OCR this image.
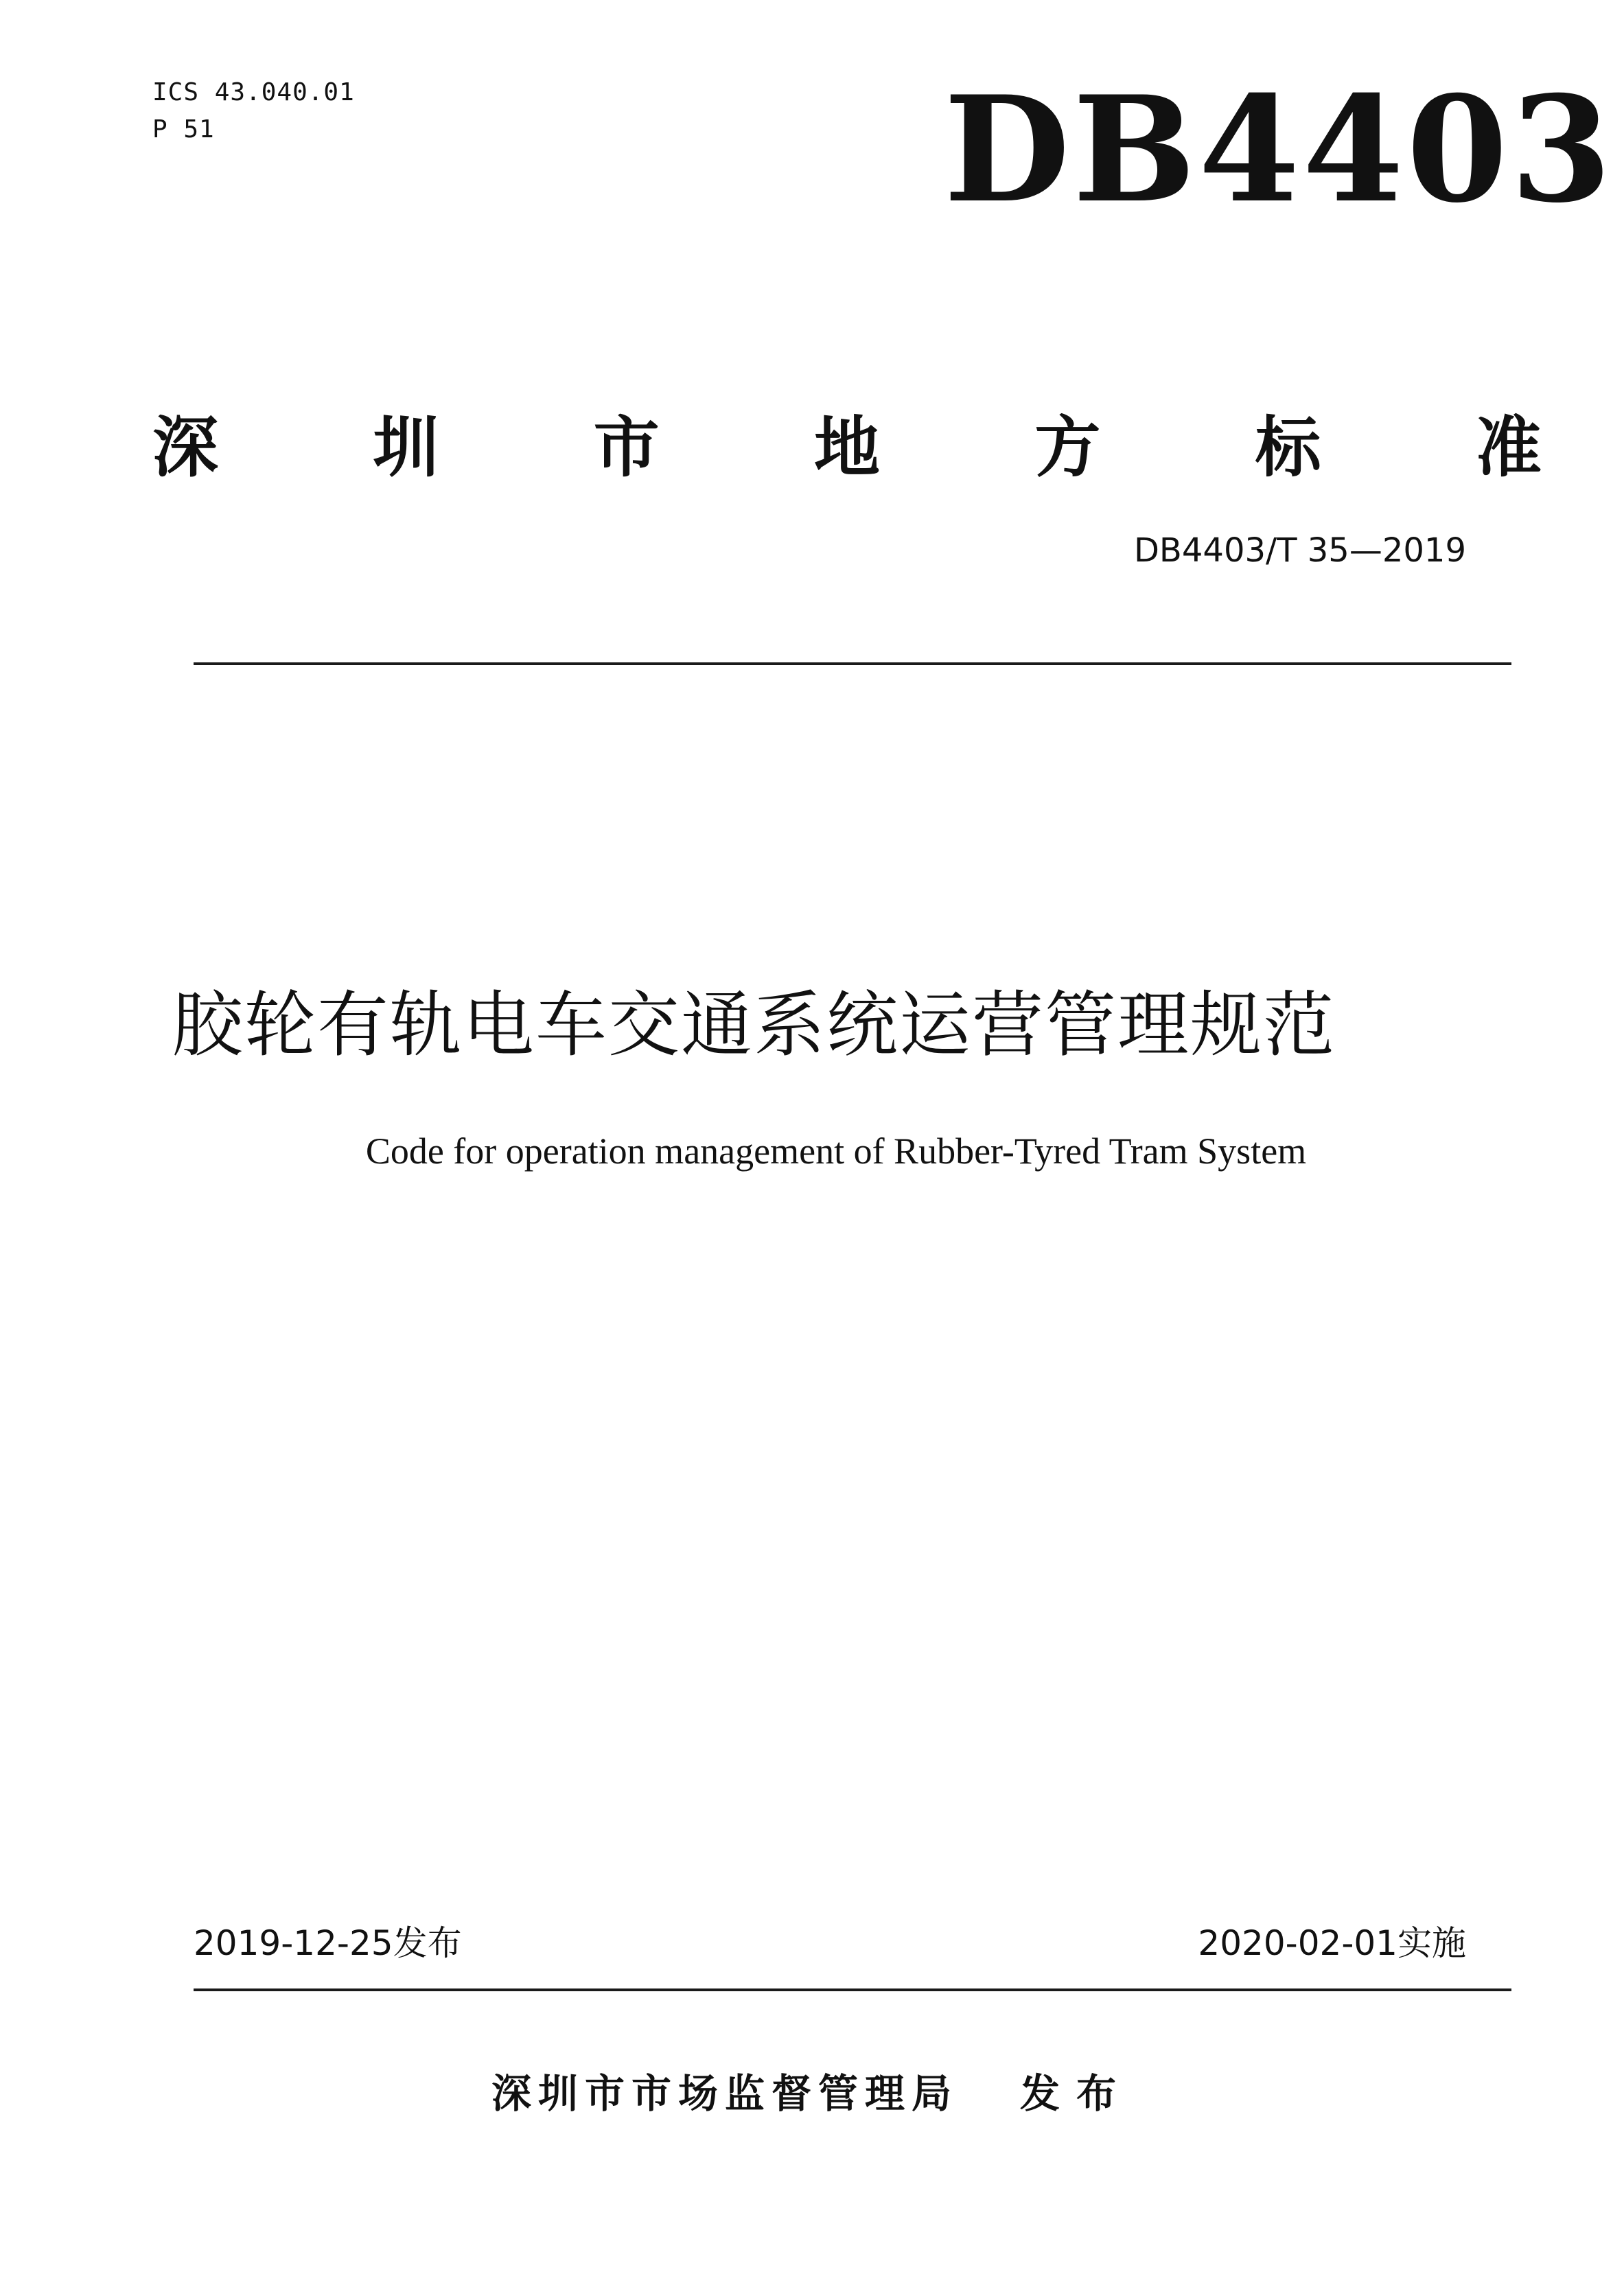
ICS 43.040.01
P 51	DB4403
深 圳 市 地 方 标 准
DB4403/T 35—2019
胶轮有轨电车交通系统运营管理规范
Code for operation management of Rubber-Tyred Tram System
2019-12-25发布	2020-02-01实施
深圳市市场监督管理局 发布
